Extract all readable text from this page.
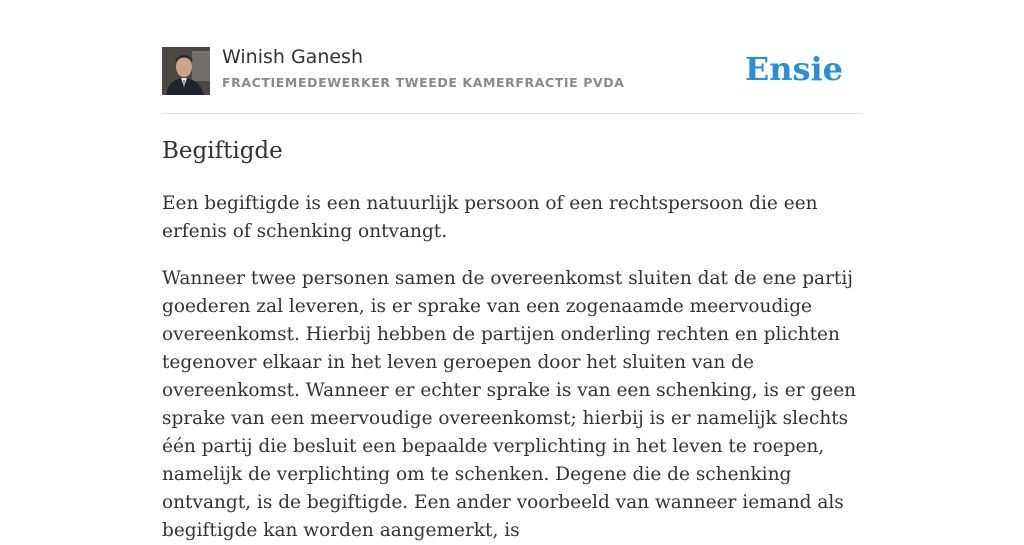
Winish Ganesh
FRACTIEMEDEWERKER TWEEDE KAMERFRACTIE PVDA	Ensie
Begiftigde

Een begiftigde is een natuurlijk persoon of een rechtspersoon die een erfenis of schenking ontvangt.

Wanneer twee personen samen de overeenkomst sluiten dat de ene partij goederen zal leveren, is er sprake van een zogenaamde meervoudige overeenkomst. Hierbij hebben de partijen onderling rechten en plichten tegenover elkaar in het leven geroepen door het sluiten van de overeenkomst. Wanneer er echter sprake is van een schenking, is er geen sprake van een meervoudige overeenkomst; hierbij is er namelijk slechts één partij die besluit een bepaalde verplichting in het leven te roepen, namelijk de verplichting om te schenken. Degene die de schenking ontvangt, is de begiftigde. Een ander voorbeeld van wanneer iemand als begiftigde kan worden aangemerkt, is
